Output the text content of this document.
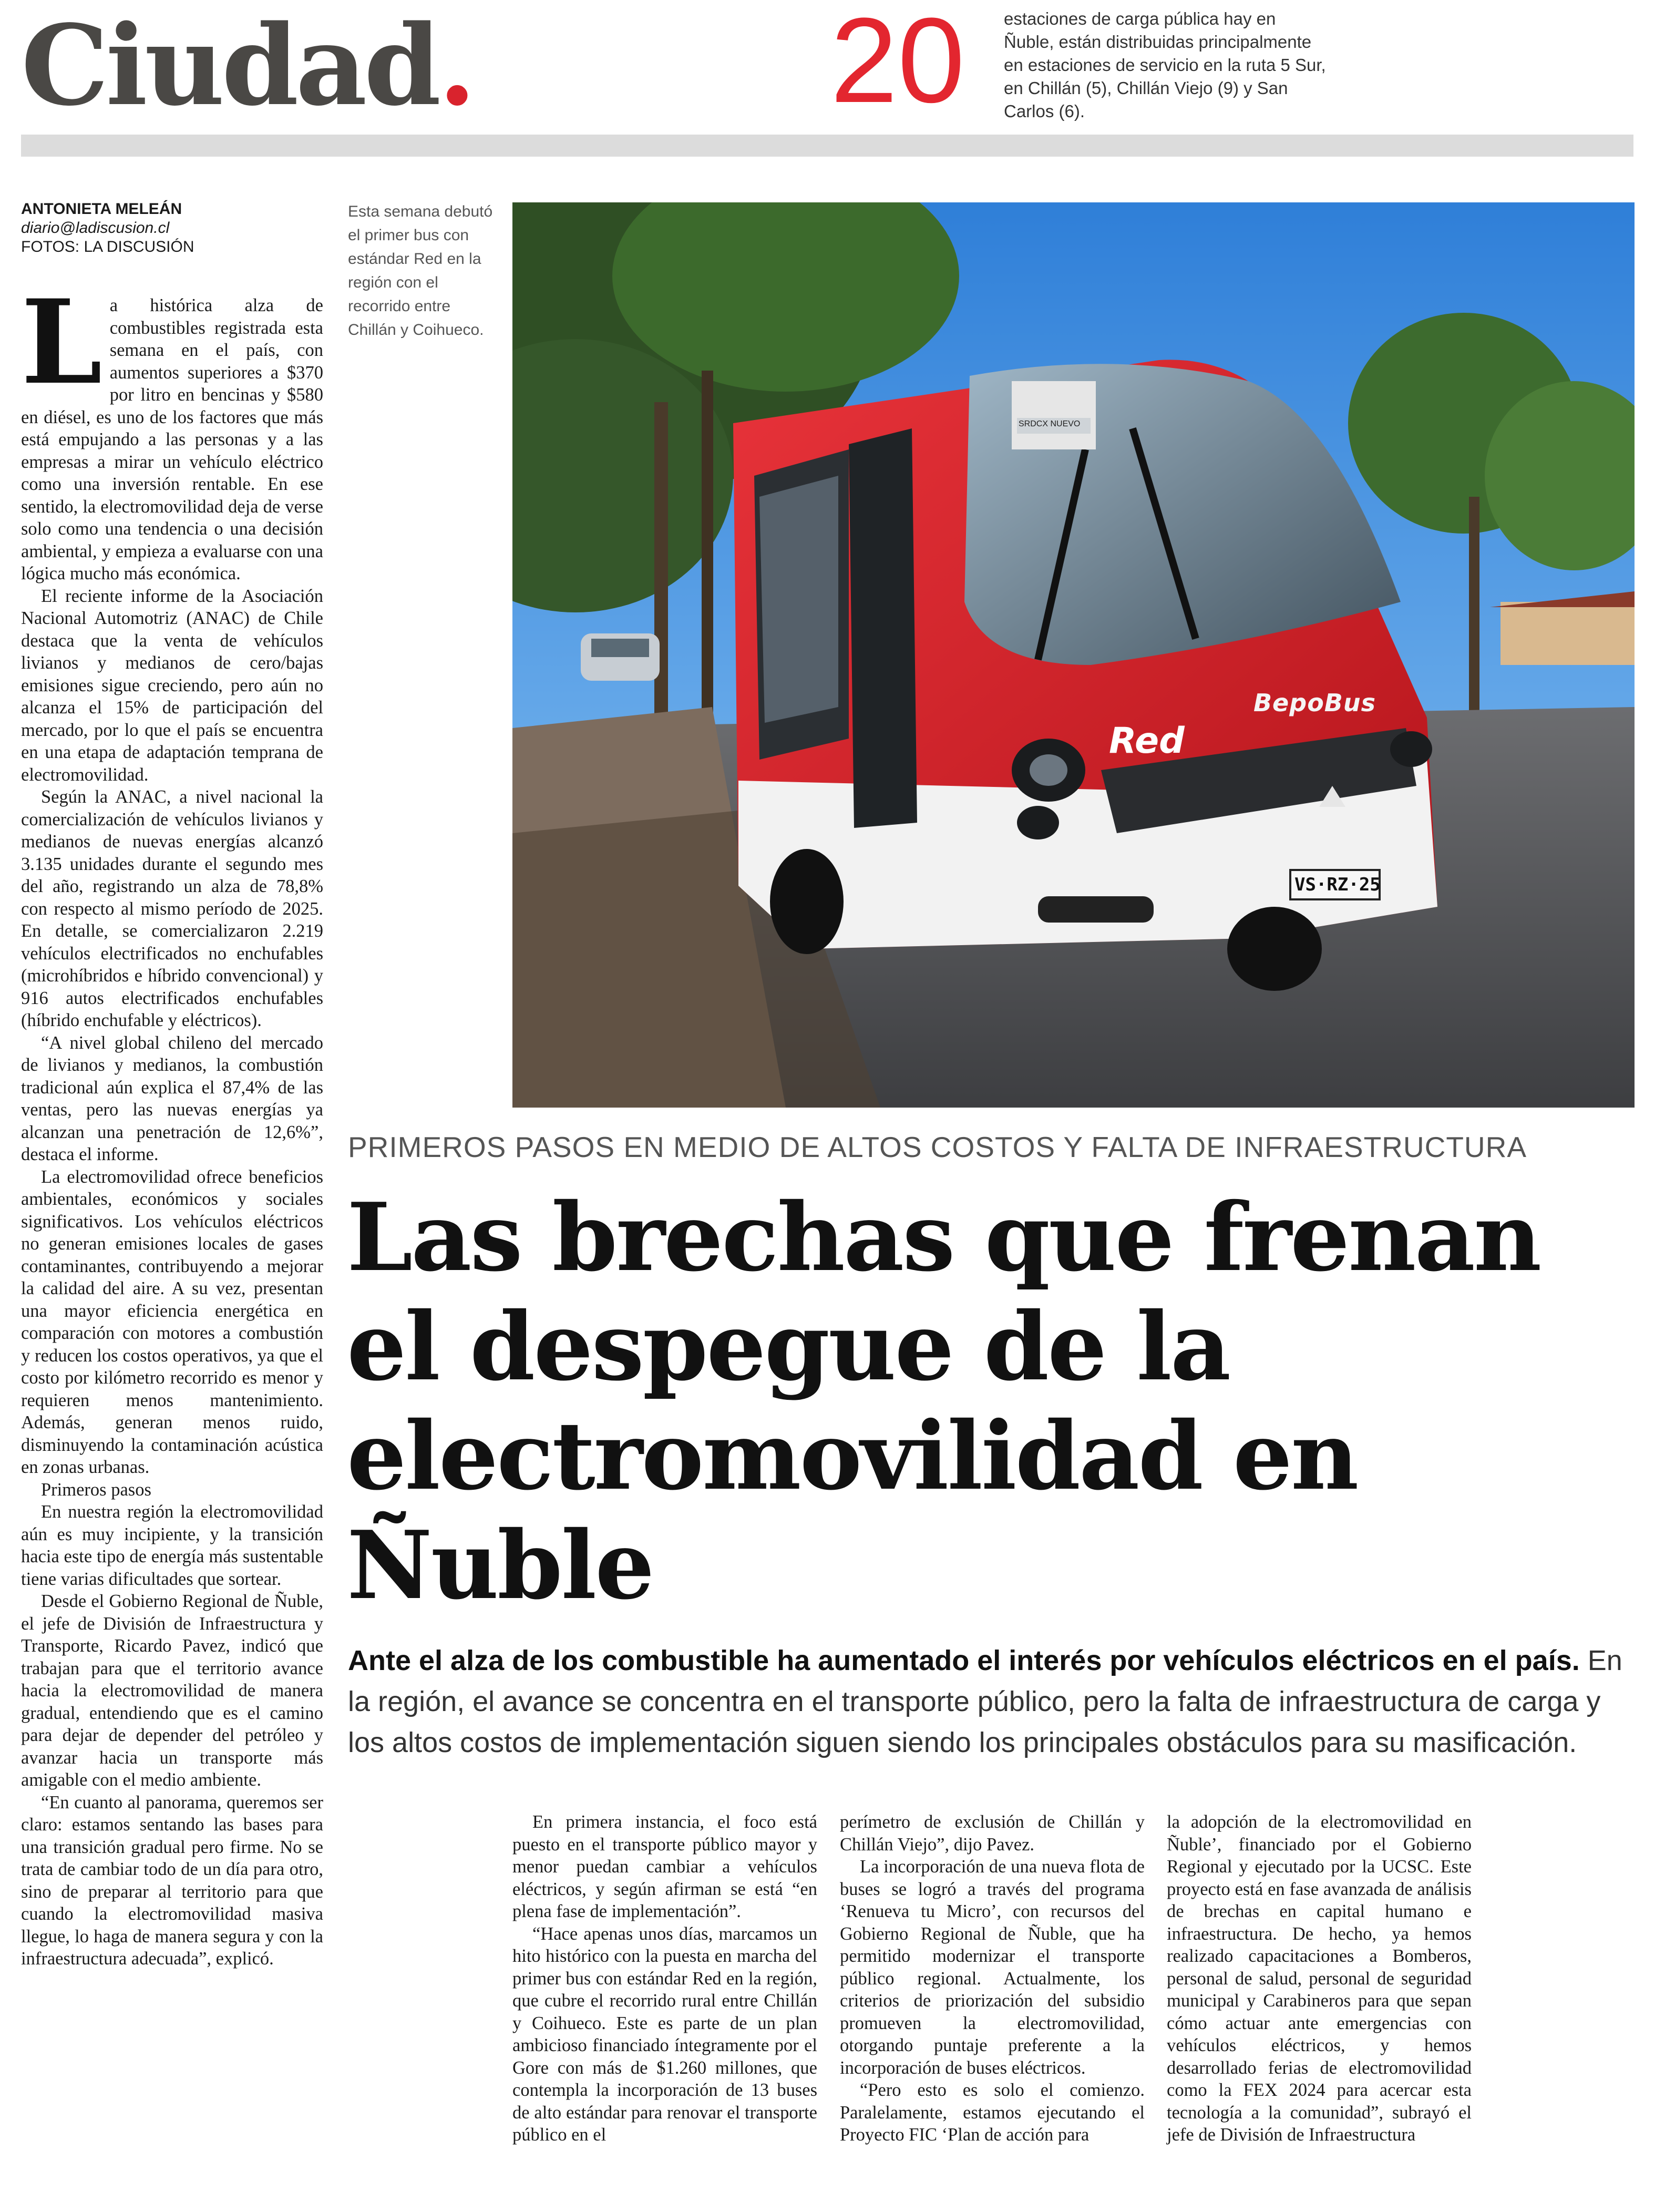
Ciudad.	20 estaciones de carga pública hay en Ñuble, están distribuidas principalmente en estaciones de servicio en la ruta 5 Sur, en Chillán (5), Chillán Viejo (9) y San Carlos (6).
ANTONIETA MELEÁN
diario@ladiscusion.cl
FOTOS: LA DISCUSIÓN
Esta semana debutó el primer bus con estándar Red en la región con el recorrido entre Chillán y Coihueco.
BepoBus
Red
VS·RZ·25
SRDCX NUEVO

La histórica alza de combustibles registrada esta semana en el país, con aumentos superiores a $370 por litro en bencinas y $580 en diésel, es uno de los factores que más está empujando a las personas y a las empresas a mirar un vehículo eléctrico como una inversión rentable. En ese sentido, la electromovilidad deja de verse solo como una tendencia o una decisión ambiental, y empieza a evaluarse con una lógica mucho más económica.

El reciente informe de la Asociación Nacional Automotriz (ANAC) de Chile destaca que la venta de vehículos livianos y medianos de cero/bajas emisiones sigue creciendo, pero aún no alcanza el 15% de participación del mercado, por lo que el país se encuentra en una etapa de adaptación temprana de electromovilidad.

Según la ANAC, a nivel nacional la comercialización de vehículos livianos y medianos de nuevas energías alcanzó 3.135 unidades durante el segundo mes del año, registrando un alza de 78,8% con respecto al mismo período de 2025. En detalle, se comercializaron 2.219 vehículos electrificados no enchufables (microhíbridos e híbrido convencional) y 916 autos electrificados enchufables (híbrido enchufable y eléctricos).

“A nivel global chileno del mercado de livianos y medianos, la combustión tradicional aún explica el 87,4% de las ventas, pero las nuevas energías ya alcanzan una penetración de 12,6%”, destaca el informe.

La electromovilidad ofrece beneficios ambientales, económicos y sociales significativos. Los vehículos eléctricos no generan emisiones locales de gases contaminantes, contribuyendo a mejorar la calidad del aire. A su vez, presentan una mayor eficiencia energética en comparación con motores a combustión y reducen los costos operativos, ya que el costo por kilómetro recorrido es menor y requieren menos mantenimiento. Además, generan menos ruido, disminuyendo la contaminación acústica en zonas urbanas.

Primeros pasos

En nuestra región la electromovilidad aún es muy incipiente, y la transición hacia este tipo de energía más sustentable tiene varias dificultades que sortear.

Desde el Gobierno Regional de Ñuble, el jefe de División de Infraestructura y Transporte, Ricardo Pavez, indicó que trabajan para que el territorio avance hacia la electromovilidad de manera gradual, entendiendo que es el camino para dejar de depender del petróleo y avanzar hacia un transporte más amigable con el medio ambiente.

“En cuanto al panorama, queremos ser claro: estamos sentando las bases para una transición gradual pero firme. No se trata de cambiar todo de un día para otro, sino de preparar al territorio para que cuando la electromovilidad masiva llegue, lo haga de manera segura y con la infraestructura adecuada”, explicó.

PRIMEROS PASOS EN MEDIO DE ALTOS COSTOS Y FALTA DE INFRAESTRUCTURA
Las brechas que frenan el despegue de la electromovilidad en Ñuble
Ante el alza de los combustible ha aumentado el interés por vehículos eléctricos en el país. En la región, el avance se concentra en el transporte público, pero la falta de infraestructura de carga y los altos costos de implementación siguen siendo los principales obstáculos para su masificación.

En primera instancia, el foco está puesto en el transporte público mayor y menor puedan cambiar a vehículos eléctricos, y según afirman se está “en plena fase de implementación”.

“Hace apenas unos días, marcamos un hito histórico con la puesta en marcha del primer bus con estándar Red en la región, que cubre el recorrido rural entre Chillán y Coihueco. Este es parte de un plan ambicioso financiado íntegramente por el Gore con más de $1.260 millones, que contempla la incorporación de 13 buses de alto estándar para renovar el transporte público en el

perímetro de exclusión de Chillán y Chillán Viejo”, dijo Pavez.

La incorporación de una nueva flota de buses se logró a través del programa ‘Renueva tu Micro’, con recursos del Gobierno Regional de Ñuble, que ha permitido modernizar el transporte público regional. Actualmente, los criterios de priorización del subsidio promueven la electromovilidad, otorgando puntaje preferente a la incorporación de buses eléctricos.

“Pero esto es solo el comienzo. Paralelamente, estamos ejecutando el Proyecto FIC ‘Plan de acción para

la adopción de la electromovilidad en Ñuble’, financiado por el Gobierno Regional y ejecutado por la UCSC. Este proyecto está en fase avanzada de análisis de brechas en capital humano e infraestructura. De hecho, ya hemos realizado capacitaciones a Bomberos, personal de salud, personal de seguridad municipal y Carabineros para que sepan cómo actuar ante emergencias con vehículos eléctricos, y hemos desarrollado ferias de electromovilidad como la FEX 2024 para acercar esta tecnología a la comunidad”, subrayó el jefe de División de Infraestructura
